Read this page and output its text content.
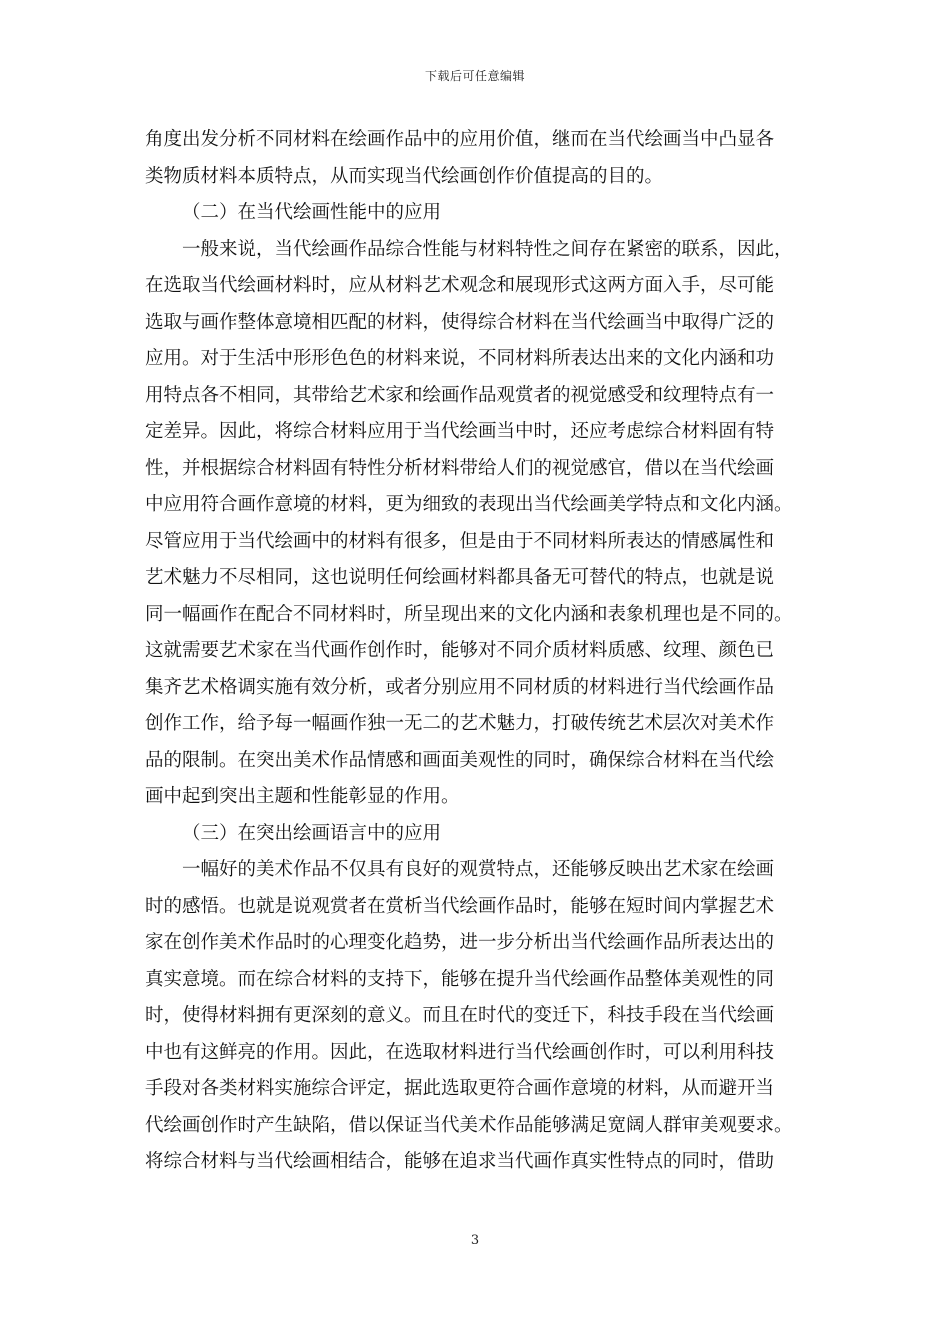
下载后可任意编辑
角度出发分析不同材料在绘画作品中的应用价值，继而在当代绘画当中凸显各
类物质材料本质特点，从而实现当代绘画创作价值提高的目的。
（二）在当代绘画性能中的应用
　　一般来说，当代绘画作品综合性能与材料特性之间存在紧密的联系，因此，
在选取当代绘画材料时，应从材料艺术观念和展现形式这两方面入手，尽可能
选取与画作整体意境相匹配的材料，使得综合材料在当代绘画当中取得广泛的
应用。对于生活中形形色色的材料来说，不同材料所表达出来的文化内涵和功
用特点各不相同，其带给艺术家和绘画作品观赏者的视觉感受和纹理特点有一
定差异。因此，将综合材料应用于当代绘画当中时，还应考虑综合材料固有特
性，并根据综合材料固有特性分析材料带给人们的视觉感官，借以在当代绘画
中应用符合画作意境的材料，更为细致的表现出当代绘画美学特点和文化内涵。
尽管应用于当代绘画中的材料有很多，但是由于不同材料所表达的情感属性和
艺术魅力不尽相同，这也说明任何绘画材料都具备无可替代的特点，也就是说
同一幅画作在配合不同材料时，所呈现出来的文化内涵和表象机理也是不同的。
这就需要艺术家在当代画作创作时，能够对不同介质材料质感、纹理、颜色已
集齐艺术格调实施有效分析，或者分别应用不同材质的材料进行当代绘画作品
创作工作，给予每一幅画作独一无二的艺术魅力，打破传统艺术层次对美术作
品的限制。在突出美术作品情感和画面美观性的同时，确保综合材料在当代绘
画中起到突出主题和性能彰显的作用。
（三）在突出绘画语言中的应用
　　一幅好的美术作品不仅具有良好的观赏特点，还能够反映出艺术家在绘画
时的感悟。也就是说观赏者在赏析当代绘画作品时，能够在短时间内掌握艺术
家在创作美术作品时的心理变化趋势，进一步分析出当代绘画作品所表达出的
真实意境。而在综合材料的支持下，能够在提升当代绘画作品整体美观性的同
时，使得材料拥有更深刻的意义。而且在时代的变迁下，科技手段在当代绘画
中也有这鲜亮的作用。因此，在选取材料进行当代绘画创作时，可以利用科技
手段对各类材料实施综合评定，据此选取更符合画作意境的材料，从而避开当
代绘画创作时产生缺陷，借以保证当代美术作品能够满足宽阔人群审美观要求。
将综合材料与当代绘画相结合，能够在追求当代画作真实性特点的同时，借助
3
